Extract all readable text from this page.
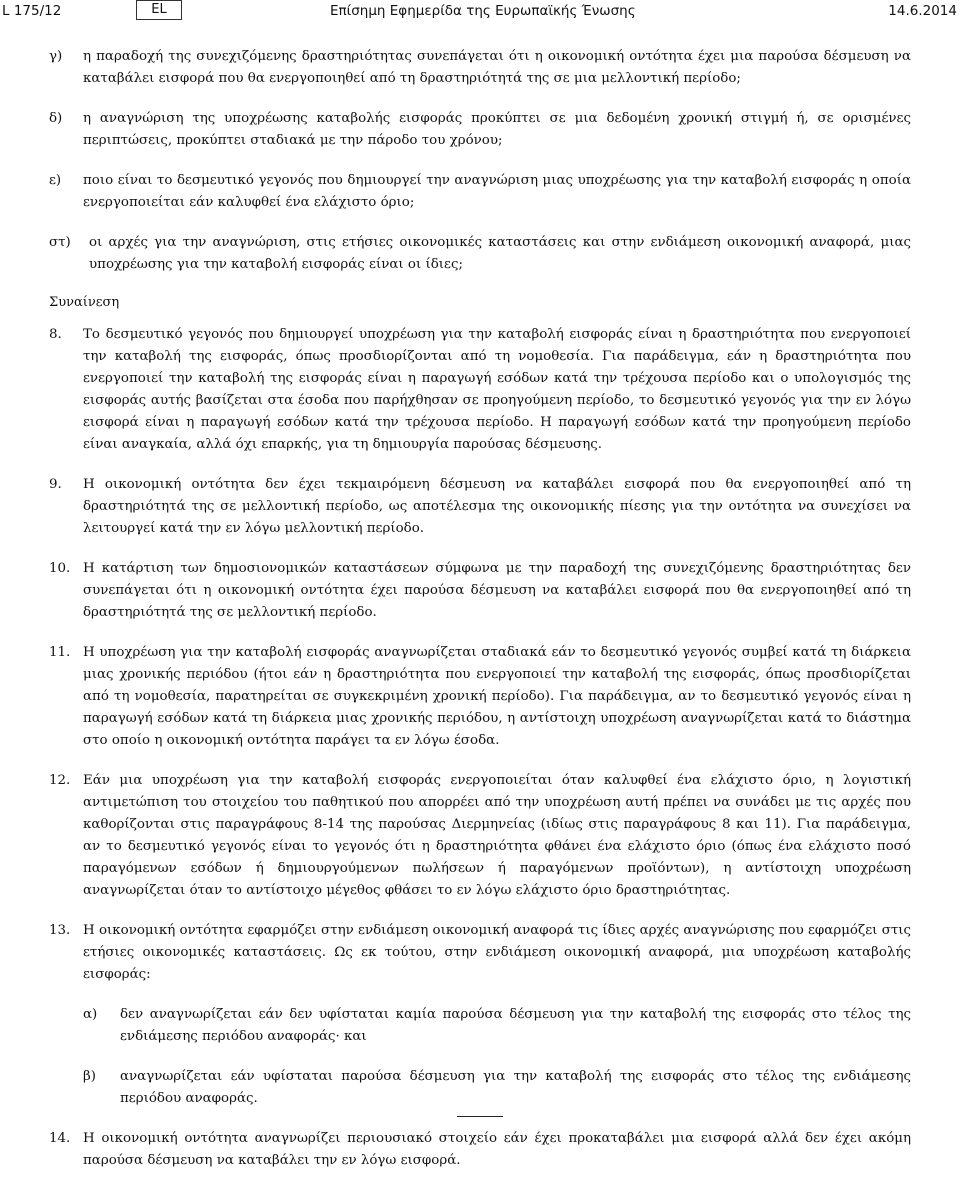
L 175/12	EL	Επίσημη Εφημερίδα της Ευρωπαϊκής Ένωσης	14.6.2014
γ) η παραδοχή της συνεχιζόμενης δραστηριότητας συνεπάγεται ότι η οικονομική οντότητα έχει μια παρούσα δέσμευση να καταβάλει εισφορά που θα ενεργοποιηθεί από τη δραστηριότητά της σε μια μελλοντική περίοδο;
δ) η αναγνώριση της υποχρέωσης καταβολής εισφοράς προκύπτει σε μια δεδομένη χρονική στιγμή ή, σε ορισμένες περιπτώσεις, προκύπτει σταδιακά με την πάροδο του χρόνου;
ε) ποιο είναι το δεσμευτικό γεγονός που δημιουργεί την αναγνώριση μιας υποχρέωσης για την καταβολή εισφοράς η οποία ενεργοποιείται εάν καλυφθεί ένα ελάχιστο όριο;
στ) οι αρχές για την αναγνώριση, στις ετήσιες οικονομικές καταστάσεις και στην ενδιάμεση οικονομική αναφορά, μιας υποχρέωσης για την καταβολή εισφοράς είναι οι ίδιες;
Συναίνεση
8. Το δεσμευτικό γεγονός που δημιουργεί υποχρέωση για την καταβολή εισφοράς είναι η δραστηριότητα που ενεργοποιεί την καταβολή της εισφοράς, όπως προσδιορίζονται από τη νομοθεσία. Για παράδειγμα, εάν η δραστηριότητα που ενεργοποιεί την καταβολή της εισφοράς είναι η παραγωγή εσόδων κατά την τρέχουσα περίοδο και ο υπολογισμός της εισφοράς αυτής βασίζεται στα έσοδα που παρήχθησαν σε προηγούμενη περίοδο, το δεσμευτικό γεγονός για την εν λόγω εισφορά είναι η παραγωγή εσόδων κατά την τρέχουσα περίοδο. Η παραγωγή εσόδων κατά την προηγούμενη περίοδο είναι αναγκαία, αλλά όχι επαρκής, για τη δημιουργία παρούσας δέσμευσης.
9. Η οικονομική οντότητα δεν έχει τεκμαιρόμενη δέσμευση να καταβάλει εισφορά που θα ενεργοποιηθεί από τη δραστηριότητά της σε μελλοντική περίοδο, ως αποτέλεσμα της οικονομικής πίεσης για την οντότητα να συνεχίσει να λειτουργεί κατά την εν λόγω μελλοντική περίοδο.
10. Η κατάρτιση των δημοσιονομικών καταστάσεων σύμφωνα με την παραδοχή της συνεχιζόμενης δραστηριότητας δεν συνεπάγεται ότι η οικονομική οντότητα έχει παρούσα δέσμευση να καταβάλει εισφορά που θα ενεργοποιηθεί από τη δραστηριότητά της σε μελλοντική περίοδο.
11. Η υποχρέωση για την καταβολή εισφοράς αναγνωρίζεται σταδιακά εάν το δεσμευτικό γεγονός συμβεί κατά τη διάρκεια μιας χρονικής περιόδου (ήτοι εάν η δραστηριότητα που ενεργοποιεί την καταβολή της εισφοράς, όπως προσδιορίζεται από τη νομοθεσία, παρατηρείται σε συγκεκριμένη χρονική περίοδο). Για παράδειγμα, αν το δεσμευτικό γεγονός είναι η παραγωγή εσόδων κατά τη διάρκεια μιας χρονικής περιόδου, η αντίστοιχη υποχρέωση αναγνωρίζεται κατά το διάστημα στο οποίο η οικονομική οντότητα παράγει τα εν λόγω έσοδα.
12. Εάν μια υποχρέωση για την καταβολή εισφοράς ενεργοποιείται όταν καλυφθεί ένα ελάχιστο όριο, η λογιστική αντιμετώπιση του στοιχείου του παθητικού που απορρέει από την υποχρέωση αυτή πρέπει να συνάδει με τις αρχές που καθορίζονται στις παραγράφους 8-14 της παρούσας Διερμηνείας (ιδίως στις παραγράφους 8 και 11). Για παράδειγμα, αν το δεσμευτικό γεγονός είναι το γεγονός ότι η δραστηριότητα φθάνει ένα ελάχιστο όριο (όπως ένα ελάχιστο ποσό παραγόμενων εσόδων ή δημιουργούμενων πωλήσεων ή παραγόμενων προϊόντων), η αντίστοιχη υποχρέωση αναγνωρίζεται όταν το αντίστοιχο μέγεθος φθάσει το εν λόγω ελάχιστο όριο δραστηριότητας.
13. Η οικονομική οντότητα εφαρμόζει στην ενδιάμεση οικονομική αναφορά τις ίδιες αρχές αναγνώρισης που εφαρμόζει στις ετήσιες οικονομικές καταστάσεις. Ως εκ τούτου, στην ενδιάμεση οικονομική αναφορά, μια υποχρέωση καταβολής εισφοράς:
α) δεν αναγνωρίζεται εάν δεν υφίσταται καμία παρούσα δέσμευση για την καταβολή της εισφοράς στο τέλος της ενδιάμεσης περιόδου αναφοράς· και
β) αναγνωρίζεται εάν υφίσταται παρούσα δέσμευση για την καταβολή της εισφοράς στο τέλος της ενδιάμεσης περιόδου αναφοράς.
14. Η οικονομική οντότητα αναγνωρίζει περιουσιακό στοιχείο εάν έχει προκαταβάλει μια εισφορά αλλά δεν έχει ακόμη παρούσα δέσμευση να καταβάλει την εν λόγω εισφορά.
